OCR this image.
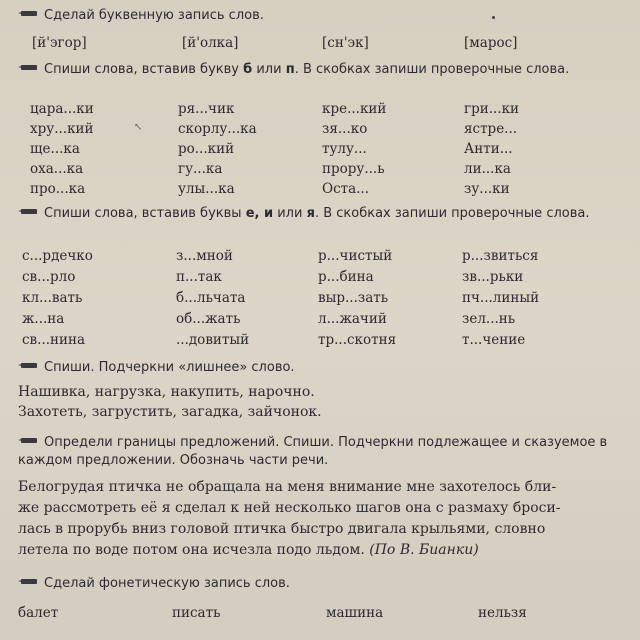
Сделай буквенную запись слов.
[й'эгор]	[й'олка]	[сн'эк]	[марос]
Спиши слова, вставив букву б или п. В скобках запиши проверочные слова.
цара...ки	ря...чик	кре...кий	гри...ки
хру...кий	скорлу...ка	зя...ко	ястре...
ще...ка	ро...кий	тулу...	Анти...
оха...ка	гу...ка	прору...ь	ли...ка
про...ка	улы...ка	Оста...	зу...ки
↖
Спиши слова, вставив буквы е, и или я. В скобках запиши проверочные слова.
с...рдечко	з...мной	р...чистый	р...звиться
св...рло	п...так	р...бина	зв...рьки
кл...вать	б...льчата	выр...зать	пч...линый
ж...на	об...жать	л...жачий	зел...нь
св...нина	...довитый	тр...скотня	т...чение
Спиши. Подчеркни «лишнее» слово.
Нашивка, нагрузка, накупить, нарочно.
Захотеть, загрустить, загадка, зайчонок.
Определи границы предложений. Спиши. Подчеркни подлежащее и сказуемое в каждом предложении. Обозначь части речи.
Белогрудая птичка не обращала на меня внимание мне захотелось бли-
же рассмотреть её я сделал к ней несколько шагов она с размаху броси-
лась в прорубь вниз головой птичка быстро двигала крыльями, словно
летела по воде потом она исчезла подо льдом. (По В. Бианки)
Сделай фонетическую запись слов.
балет	писать	машина	нельзя
